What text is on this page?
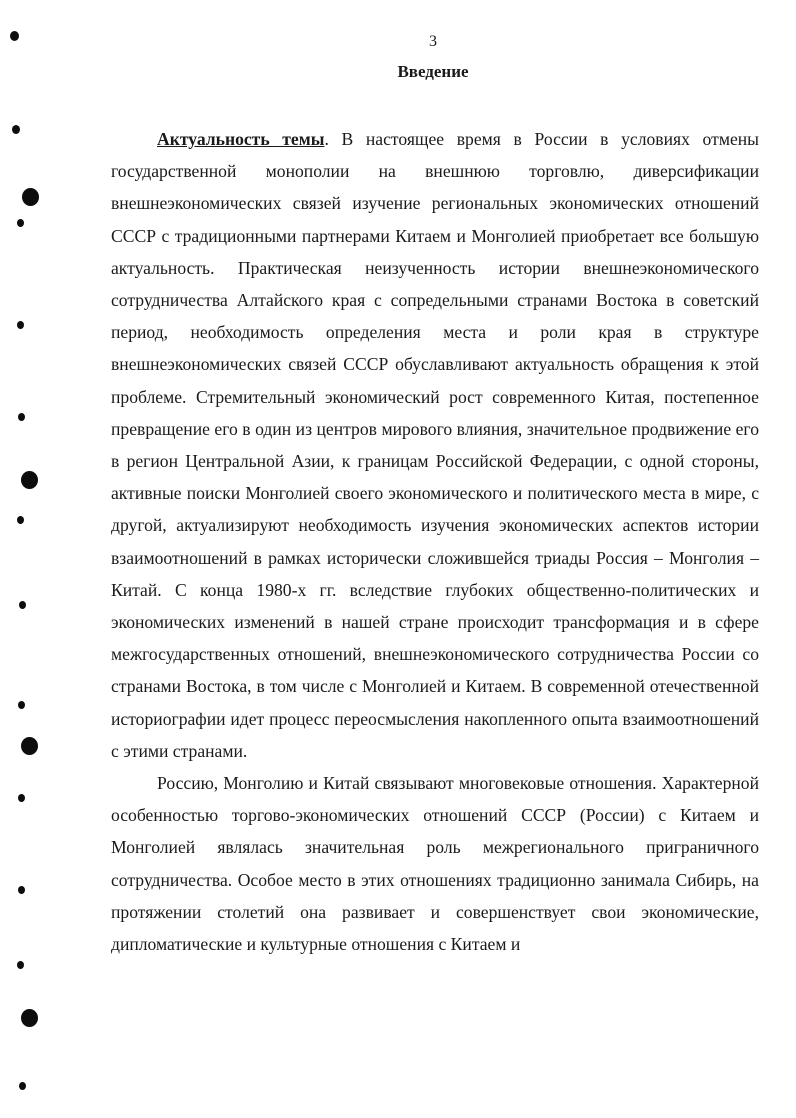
3
Введение

Актуальность темы. В настоящее время в России в условиях отмены государственной монополии на внешнюю торговлю, диверсификации внешнеэкономических связей изучение региональных экономических отношений СССР с традиционными партнерами Китаем и Монголией приобретает все большую актуальность. Практическая неизученность истории внешнеэкономического сотрудничества Алтайского края с сопредельными странами Востока в советский период, необходимость определения места и роли края в структуре внешнеэкономических связей СССР обуславливают актуальность обращения к этой проблеме. Стремительный экономический рост современного Китая, постепенное превращение его в один из центров мирового влияния, значительное продвижение его в регион Центральной Азии, к границам Российской Федерации, с одной стороны, активные поиски Монголией своего экономического и политического места в мире, с другой, актуализируют необходимость изучения экономических аспектов истории взаимоотношений в рамках исторически сложившейся триады Россия – Монголия – Китай. С конца 1980-х гг. вследствие глубоких общественно-политических и экономических изменений в нашей стране происходит трансформация и в сфере межгосударственных отношений, внешнеэкономического сотрудничества России со странами Востока, в том числе с Монголией и Китаем. В современной отечественной историографии идет процесс переосмысления накопленного опыта взаимоотношений с этими странами.

Россию, Монголию и Китай связывают многовековые отношения. Характерной особенностью торгово-экономических отношений СССР (России) с Китаем и Монголией являлась значительная роль межрегионального приграничного сотрудничества. Особое место в этих отношениях традиционно занимала Сибирь, на протяжении столетий она развивает и совершенствует свои экономические, дипломатические и культурные отношения с Китаем и
